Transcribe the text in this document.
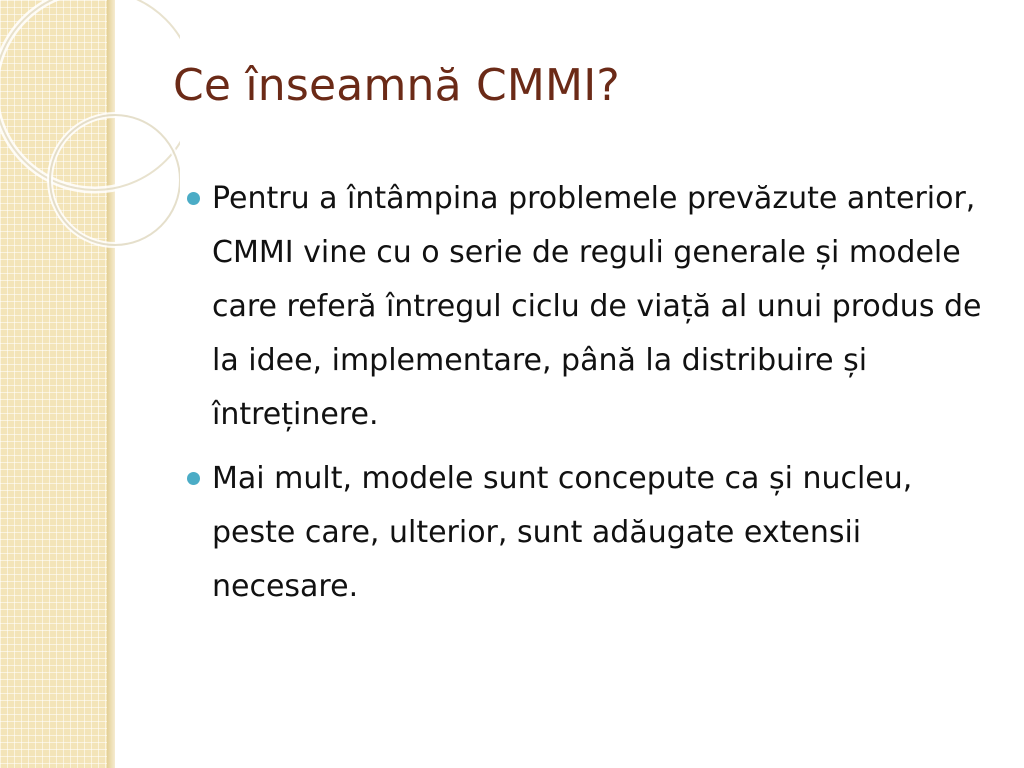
Ce înseamnă CMMI?
Pentru a întâmpina problemele prevăzute anterior, CMMI vine cu o serie de reguli generale și modele care referă întregul ciclu de viață al unui produs de la idee, implementare, până la distribuire și întreținere.
Mai mult, modele sunt concepute ca și nucleu, peste care, ulterior, sunt adăugate extensii necesare.
